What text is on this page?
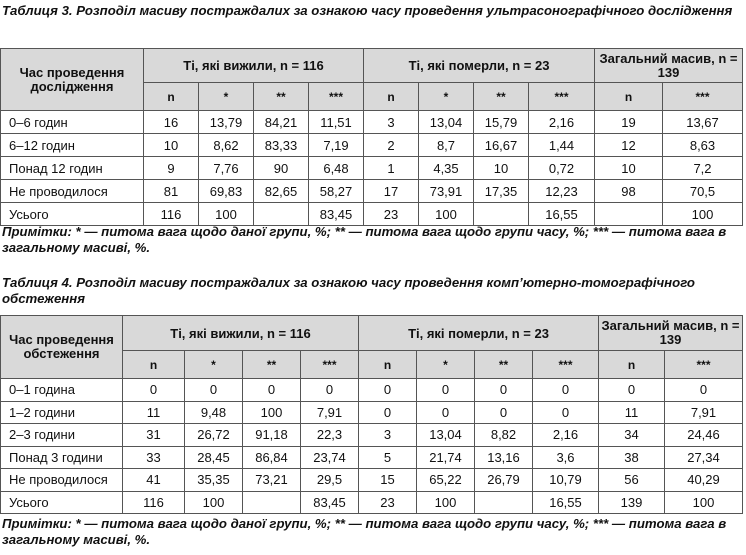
Таблиця 3. Розподіл масиву постраждалих за ознакою часу проведення ультрасонографічного дослідження
Час проведення дослідження	Ті, які вижили, n = 116				Ті, які померли, n = 23				Загальний масив, n = 139	
	n	*	**	***	n	*	**	***	n	***
0–6 годин	16	13,79	84,21	11,51	3	13,04	15,79	2,16	19	13,67
6–12 годин	10	8,62	83,33	7,19	2	8,7	16,67	1,44	12	8,63
Понад 12 годин	9	7,76	90	6,48	1	4,35	10	0,72	10	7,2
Не проводилося	81	69,83	82,65	58,27	17	73,91	17,35	12,23	98	70,5
Усього	116	100		83,45	23	100		16,55		100
Примітки: * — питома вага щодо даної групи, %; ** — питома вага щодо групи часу, %; *** — питома вага в загальному масиві, %.
Таблиця 4. Розподіл масиву постраждалих за ознакою часу проведення комп’ютерно-томографічного обстеження
Час проведення обстеження	Ті, які вижили, n = 116				Ті, які померли, n = 23				Загальний масив, n = 139	
	n	*	**	***	n	*	**	***	n	***
0–1 година	0	0	0	0	0	0	0	0	0	0
1–2 години	11	9,48	100	7,91	0	0	0	0	11	7,91
2–3 години	31	26,72	91,18	22,3	3	13,04	8,82	2,16	34	24,46
Понад 3 години	33	28,45	86,84	23,74	5	21,74	13,16	3,6	38	27,34
Не проводилося	41	35,35	73,21	29,5	15	65,22	26,79	10,79	56	40,29
Усього	116	100		83,45	23	100		16,55	139	100
Примітки: * — питома вага щодо даної групи, %; ** — питома вага щодо групи часу, %; *** — питома вага в загальному масиві, %.
